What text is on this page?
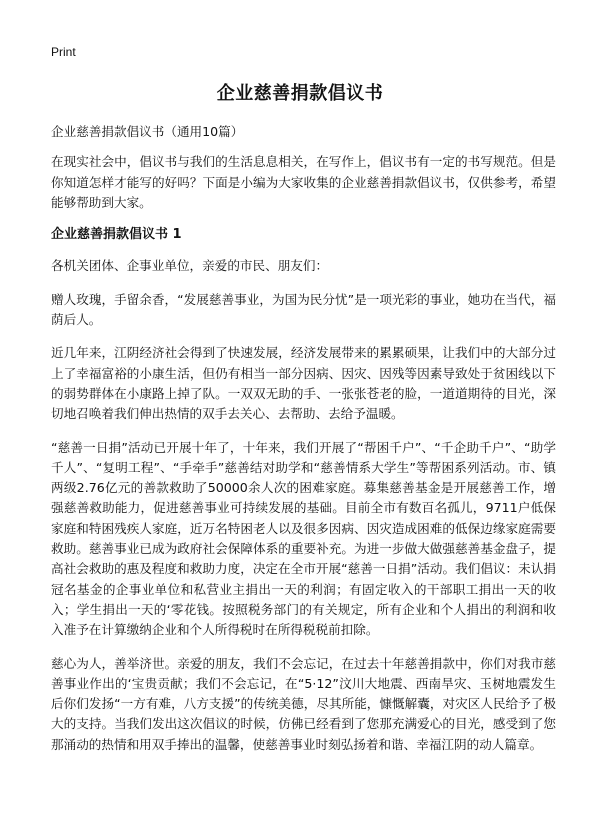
Print
企业慈善捐款倡议书

企业慈善捐款倡议书（通用10篇）

在现实社会中，倡议书与我们的生活息息相关，在写作上，倡议书有一定的书写规范。但是你知道怎样才能写的好吗？下面是小编为大家收集的企业慈善捐款倡议书，仅供参考，希望能够帮助到大家。

企业慈善捐款倡议书 1

各机关团体、企事业单位，亲爱的市民、朋友们：

赠人玫瑰，手留余香，“发展慈善事业，为国为民分忧”是一项光彩的事业，她功在当代，福荫后人。

近几年来，江阴经济社会得到了快速发展，经济发展带来的累累硕果，让我们中的大部分过上了幸福富裕的小康生活，但仍有相当一部分因病、因灾、因残等因素导致处于贫困线以下的弱势群体在小康路上掉了队。一双双无助的手、一张张苍老的脸，一道道期待的目光，深切地召唤着我们伸出热情的双手去关心、去帮助、去给予温暖。

“慈善一日捐”活动已开展十年了，十年来，我们开展了“帮困千户”、“千企助千户”、“助学千人”、“复明工程”、“手牵手”慈善结对助学和“慈善情系大学生”等帮困系列活动。市、镇两级2.76亿元的善款救助了50000余人次的困难家庭。募集慈善基金是开展慈善工作，增强慈善救助能力，促进慈善事业可持续发展的基础。目前全市有数百名孤儿，9711户低保家庭和特困残疾人家庭，近万名特困老人以及很多因病、因灾造成困难的低保边缘家庭需要救助。慈善事业已成为政府社会保障体系的重要补充。为进一步做大做强慈善基金盘子，提高社会救助的惠及程度和救助力度，决定在全市开展“慈善一日捐”活动。我们倡议：未认捐冠名基金的企事业单位和私营业主捐出一天的利润；有固定收入的干部职工捐出一天的收入；学生捐出一天的‘零花钱。按照税务部门的有关规定，所有企业和个人捐出的利润和收入准予在计算缴纳企业和个人所得税时在所得税税前扣除。

慈心为人，善举济世。亲爱的朋友，我们不会忘记，在过去十年慈善捐款中，你们对我市慈善事业作出的‘宝贵贡献；我们不会忘记，在“5·12”汶川大地震、西南旱灾、玉树地震发生后你们发扬“一方有难，八方支援”的传统美德，尽其所能，慷慨解囊，对灾区人民给予了极大的支持。当我们发出这次倡议的时候，仿佛已经看到了您那充满爱心的目光，感受到了您那涌动的热情和用双手捧出的温馨，使慈善事业时刻弘扬着和谐、幸福江阴的动人篇章。
